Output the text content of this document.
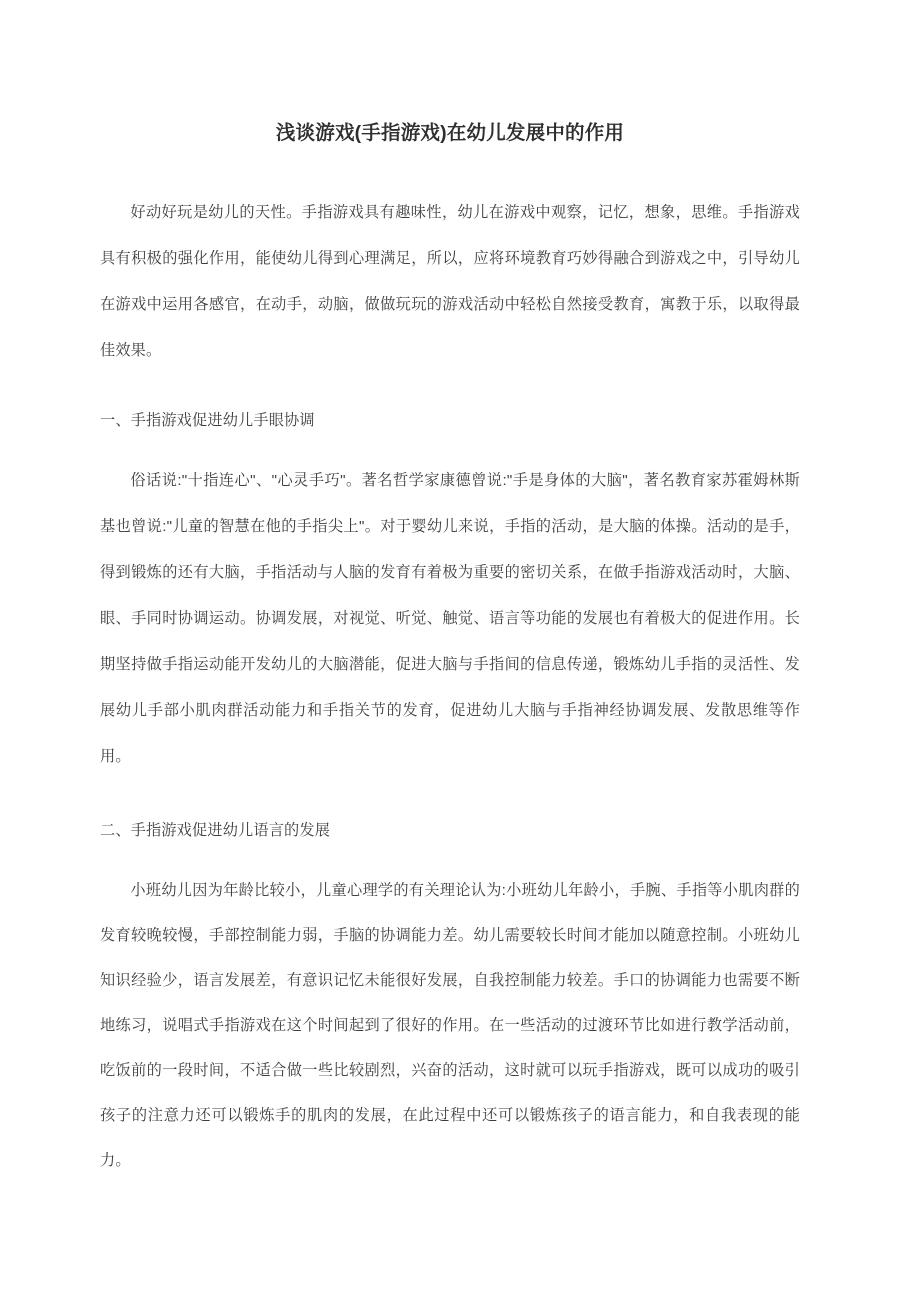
浅谈游戏(手指游戏)在幼儿发展中的作用

好动好玩是幼儿的天性。手指游戏具有趣味性，幼儿在游戏中观察，记忆，想象，思维。手指游戏具有积极的强化作用，能使幼儿得到心理满足，所以，应将环境教育巧妙得融合到游戏之中，引导幼儿在游戏中运用各感官，在动手，动脑，做做玩玩的游戏活动中轻松自然接受教育，寓教于乐，以取得最佳效果。

一、手指游戏促进幼儿手眼协调

俗话说:"十指连心"、"心灵手巧"。著名哲学家康德曾说:"手是身体的大脑"，著名教育家苏霍姆林斯基也曾说:"儿童的智慧在他的手指尖上"。对于婴幼儿来说，手指的活动，是大脑的体操。活动的是手，得到锻炼的还有大脑，手指活动与人脑的发育有着极为重要的密切关系，在做手指游戏活动时，大脑、眼、手同时协调运动。协调发展，对视觉、听觉、触觉、语言等功能的发展也有着极大的促进作用。长期坚持做手指运动能开发幼儿的大脑潜能，促进大脑与手指间的信息传递，锻炼幼儿手指的灵活性、发展幼儿手部小肌肉群活动能力和手指关节的发育，促进幼儿大脑与手指神经协调发展、发散思维等作用。

二、手指游戏促进幼儿语言的发展

小班幼儿因为年龄比较小，儿童心理学的有关理论认为:小班幼儿年龄小，手腕、手指等小肌肉群的发育较晚较慢，手部控制能力弱，手脑的协调能力差。幼儿需要较长时间才能加以随意控制。小班幼儿知识经验少，语言发展差，有意识记忆未能很好发展，自我控制能力较差。手口的协调能力也需要不断地练习，说唱式手指游戏在这个时间起到了很好的作用。在一些活动的过渡环节比如进行教学活动前，吃饭前的一段时间，不适合做一些比较剧烈，兴奋的活动，这时就可以玩手指游戏，既可以成功的吸引孩子的注意力还可以锻炼手的肌肉的发展，在此过程中还可以锻炼孩子的语言能力，和自我表现的能力。
